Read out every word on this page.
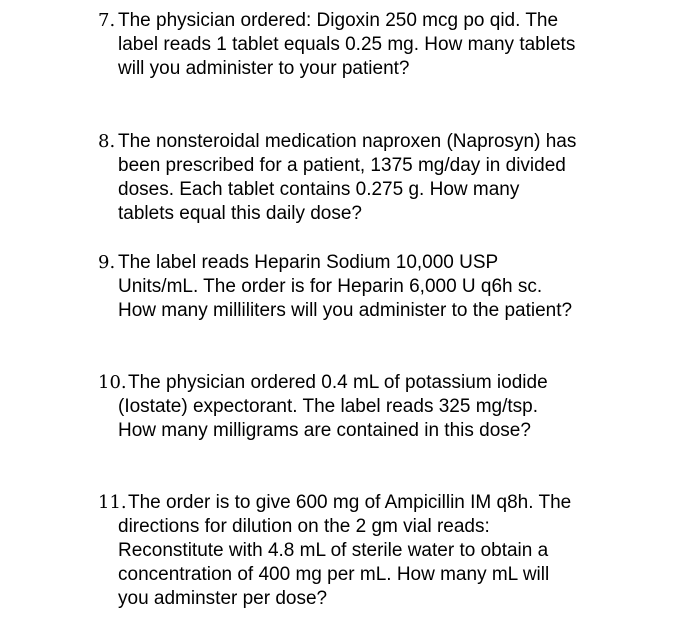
7. The physician ordered: Digoxin 250 mcg po qid. The
label reads 1 tablet equals 0.25 mg. How many tablets
will you administer to your patient?
8. The nonsteroidal medication naproxen (Naprosyn) has
been prescribed for a patient, 1375 mg/day in divided
doses. Each tablet contains 0.275 g. How many
tablets equal this daily dose?
9. The label reads Heparin Sodium 10,000 USP
Units/mL. The order is for Heparin 6,000 U q6h sc.
How many milliliters will you administer to the patient?
10. The physician ordered 0.4 mL of potassium iodide
(Iostate) expectorant. The label reads 325 mg/tsp.
How many milligrams are contained in this dose?
11. The order is to give 600 mg of Ampicillin IM q8h. The
directions for dilution on the 2 gm vial reads:
Reconstitute with 4.8 mL of sterile water to obtain a
concentration of 400 mg per mL. How many mL will
you adminster per dose?
